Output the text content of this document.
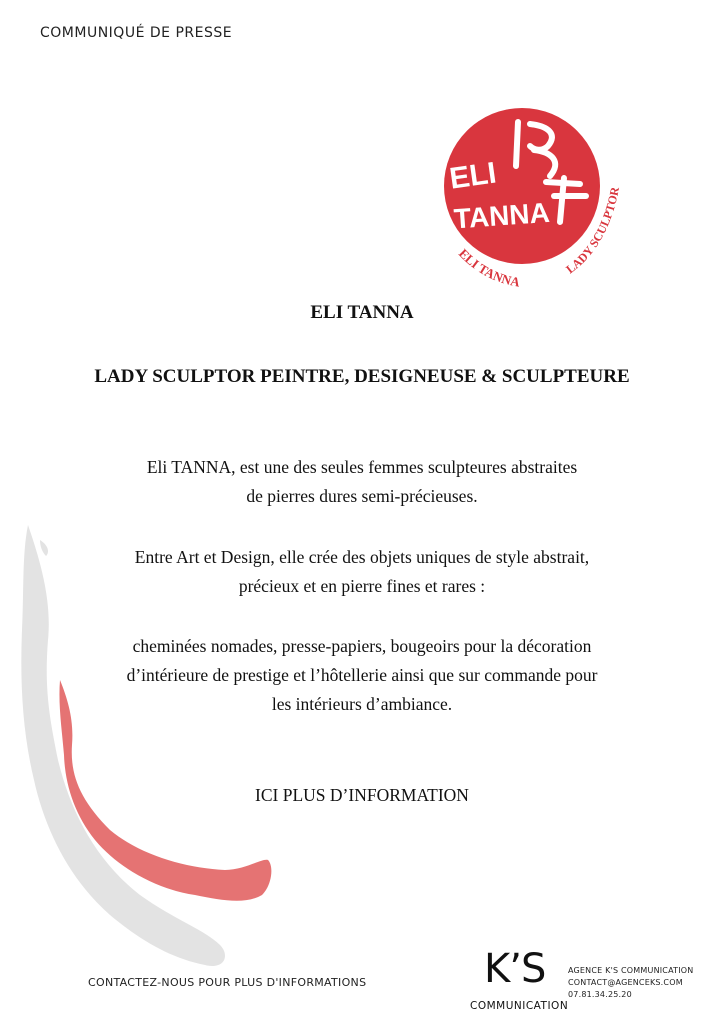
COMMUNIQUÉ DE PRESSE
ELI
TANNA
ELI TANNA
LADY SCULPTOR
ELI TANNA
LADY SCULPTOR PEINTRE, DESIGNEUSE & SCULPTEURE

Eli TANNA, est une des seules femmes sculpteures abstraites
de pierres dures semi-précieuses.

Entre Art et Design, elle crée des objets uniques de style abstrait,
précieux et en pierre fines et rares :

cheminées nomades, presse-papiers, bougeoirs pour la décoration
d’intérieure de prestige et l’hôtellerie ainsi que sur commande pour
les intérieurs d’ambiance.

ICI PLUS D’INFORMATION
CONTACTEZ-NOUS POUR PLUS D'INFORMATIONS	K’S
COMMUNICATION
AGENCE K'S COMMUNICATION
CONTACT@AGENCEKS.COM
07.81.34.25.20
